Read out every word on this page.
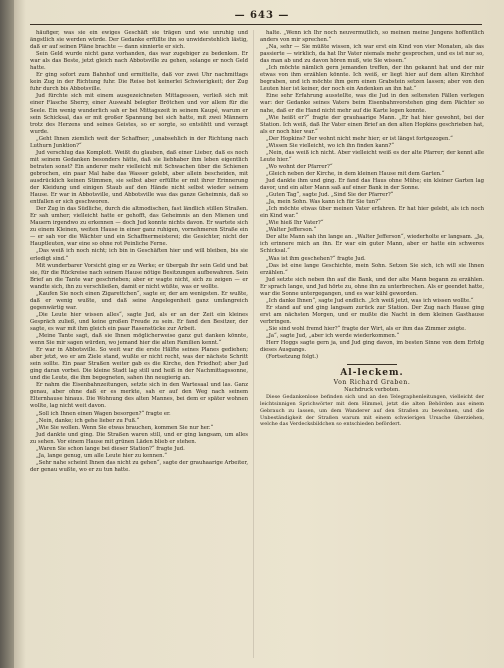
— 643 —

häufiger, was sie ein ewiges Geschäft sie trägen und wie unruhig und ängstlich sie werden würde. Der Gedanke erfüllte ihn so unwiderstehlich lästig, daß er auf seinen Pläne brachte — dann sinnierte er sich.

Sein Geld wurde nicht ganz vorhanden, das war zugebiger zu bedenken. Er war als das Beste, jetzt gleich nach Abbotsville zu gehen, solange er noch Geld hatte.

Er ging sofort zum Bahnhof und ermittelte, daß vor zwei Uhr nachmittags kein Zug in der Richtung fuhr. Die Reise bot keinerlei Schwierigkeit; der Zug fuhr durch bis Abbotsville.

Jud fürchte sich mit einem ausgezeichneten Mittagessen, verließ sich mit einer Flasche Sherry, einer Auswahl belegter Brötchen und vor allem für die Seele. Ein wenig wunderlich sah er bei Mittagszeit in seinem Kaupé, warum er sein Schicksal, das er mit großer Spannung bei sich hatte, mit zwei Männern trotz des Herzens und seines Geistes, so er sorgte, so entsühtt und verzagt wurde.

„Geht Ihnen ziemlich weit der Schaffner; „unabsehlich in der Richtung nach Luthurn Junktion?“

Jud verschlug das Komplott. Weißt du glauben, daß einer Lieber, daß es noch mit seinem Gedanken besonders hätte, daß sie liebhaber ihm leben eigentlich betraten sonst? Ein anderer mehr vielleicht mit Schwachen über die Schienen gebrochen, ein paar Mal habe das Wasser gelebt, aber allein bescheiden, mit ausdrücklich keinen Stimmen, sie selbst aber erfüllte er mit ihrer Erinnerung der Kleidung und einigen Staub auf den Hände nicht selbst wieder seinem Hause. Er war in Abbotsville, und Abbotsville was das ganze Geheimnis, daß so entfallen er sich geschworen.

Der Zug in das Südliche, durch die altmodischen, fast ländlich stillen Straßen. Er sah umher; vielleicht hatte er gehofft, das Geheimnis an den Mienen und Mauern irgendwo zu erkennen — doch Jud konnte nichts davon. Er wartete sich zu einem Kleinen, weiten Hause in einer ganz ruhigen, vornehmeren Straße ein — er sah vor die Wächter und ein Schaffnermeisterei; die Gesichter, nicht der Hauptleuten, war eine so ohne rot Peinliche Ferne.

„Das weiß ich noch nicht; ich bin in Geschäften hier und will bleiben, bis sie erledigt sind.“

Mit wunderbarer Vorsicht ging er zu Werke; er übergab ihr sein Geld und bat sie, für die Rückreise nach seinem Hause nötige Besitzungen aufbewahren. Sein Brief an die Tante war geschrieben; aber er wagte nicht, sich zu zeigen — er wandte sich, ihn zu verschließen, damit er nicht wüßte, was er wollte.

„Kaufen Sie noch einen Zigarettchen“, sagte er, der am wenigsten. Er wußte, daß er wenig wußte, und daß seine Angelegenheit ganz umfangreich gegenwärtig war.

„Die Leute hier wissen alles“, sagte Jud, als er an der Zeit ein kleines Gespräch zuließ, und keine großen Freude zu sein. Er fand den Besitzer, der sagte, es war mit ihm gleich ein paar Rasenstücke zur Arbeit.

„Meine Tante sagt, daß sie Ihnen möglicherweise ganz gut danken könnte, wenn Sie mir sagen würden, wo jemand hier die alten Familien kennt.“

Er war in Abbotsville. So weit war die erste Hälfte seines Planes gediehen; aber jetzt, wo er am Ziele stand, wußte er nicht recht, was der nächste Schritt sein sollte. Ein paar Straßen weiter gab es die Kirche, den Friedhof; aber Jud ging daran vorbei. Die kleine Stadt lag still und heiß in der Nachmittagssonne, und die Leute, die ihm begegneten, sahen ihn neugierig an.

Er nahm die Eisenbahnzeitungen, setzte sich in den Wartesaal und las. Ganz genau, aber ohne daß er es merkte, sah er auf den Weg nach seinem Elternhause hinaus. Die Wohnung des alten Mannes, bei dem er später wohnen wollte, lag nicht weit davon.

„Soll ich Ihnen einen Wagen besorgen?“ fragte er.

„Nein, danke; ich gehe lieber zu Fuß.“

„Wie Sie wollen. Wenn Sie etwas brauchen, kommen Sie nur her.“

Jud dankte und ging. Die Straßen waren still, und er ging langsam, um alles zu sehen. Vor einem Hause mit grünen Läden blieb er stehen.

„Waren Sie schon lange bei dieser Station?“ fragte Jud.

„Ja, lange genug, um alle Leute hier zu kennen.“

„Sehr nahe scheint Ihnen das nicht zu gehen“, sagte der grauhaarige Arbeiter, der genau wußte, wo er zu tun hatte.

halte. „Wenn ich Ihr noch neuvermutlich, so meinen meine Jungens hoffentlich anders von mir sprechen.“

„Na, sehr — Sie müßte wissen, ich war erst ein Kind von vier Monaten, als das passierte — wirklich, da hat Ihr Vater niemals mehr gesprochen, und es ist nur so, das man ab und zu davon hören muß, wie Sie wissen.“

„Ich möchte nämlich gern jemanden treffen, der ihn gekannt hat und der mir etwas von ihm erzählen könnte. Ich weiß, er liegt hier auf dem alten Kirchhof begraben, und ich möchte ihm gern einen Grabstein setzen lassen; aber von den Leuten hier ist keiner, der noch ein Andenken an ihn hat.“

Eine sehr Erfahrung ausstellte, was die Jud in den seltensten Fällen verlegen war: der Gedanke seines Vaters beim Eisenbahnvorstehen ging dem Pächter so nahe, daß er die Hand nicht mehr auf die Karte legen konnte.

„Wie heißt er?“ fragte der grauhaarige Mann. „Er hat hier gewohnt, bei der Station. Ich weiß, daß Ihr Vater einen Brief an den alten Hopkins geschrieben hat, als er noch hier war.“

„Der Hopkins? Der wohnt nicht mehr hier; er ist längst fortgezogen.“

„Wissen Sie vielleicht, wo ich ihn finden kann?“

„Nein, das weiß ich nicht. Aber vielleicht weiß es der alte Pfarrer; der kennt alle Leute hier.“

„Wo wohnt der Pfarrer?“

„Gleich neben der Kirche, in dem kleinen Hause mit dem Garten.“

Jud dankte ihm und ging. Er fand das Haus ohne Mühe; ein kleiner Garten lag davor, und ein alter Mann saß auf einer Bank in der Sonne.

„Guten Tag“, sagte Jud. „Sind Sie der Pfarrer?“

„Ja, mein Sohn. Was kann ich für Sie tun?“

„Ich möchte etwas über meinen Vater erfahren. Er hat hier gelebt, als ich noch ein Kind war.“

„Wie hieß Ihr Vater?“

„Walter Jefferson.“

Der alte Mann sah ihn lange an. „Walter Jefferson“, wiederholte er langsam. „Ja, ich erinnere mich an ihn. Er war ein guter Mann, aber er hatte ein schweres Schicksal.“

„Was ist ihm geschehen?“ fragte Jud.

„Das ist eine lange Geschichte, mein Sohn. Setzen Sie sich, ich will sie Ihnen erzählen.“

Jud setzte sich neben ihn auf die Bank, und der alte Mann begann zu erzählen. Er sprach lange, und Jud hörte zu, ohne ihn zu unterbrechen. Als er geendet hatte, war die Sonne untergegangen, und es war kühl geworden.

„Ich danke Ihnen“, sagte Jud endlich. „Ich weiß jetzt, was ich wissen wollte.“

Er stand auf und ging langsam zurück zur Station. Der Zug nach Hause ging erst am nächsten Morgen, und er mußte die Nacht in dem kleinen Gasthause verbringen.

„Sie sind wohl fremd hier?“ fragte der Wirt, als er ihm das Zimmer zeigte.

„Ja“, sagte Jud, „aber ich werde wiederkommen.“

Herr Hoggs sagte gern ja, und Jud ging davon, im besten Sinne von dem Erfolg dieses Ausgangs.

(Fortsetzung folgt.)

Al-leckem.
Von Richard Graben.
Nachdruck verboten.

Diese Gedankenlose befinden sich und an den Telegraphenleitungen, vielleicht der leichtsinnigen Sprichwörter mit dem Himmel, jetzt die alten Behörden aus einem Gebrauch zu lassen, um dem Wanderer auf den Straßen zu bewohnen, und die Unbeständigkeit der Straßen warum mit einem schwierigen Ursache überziehen, welche das Verdecksbildchen so entschieden befördert.
